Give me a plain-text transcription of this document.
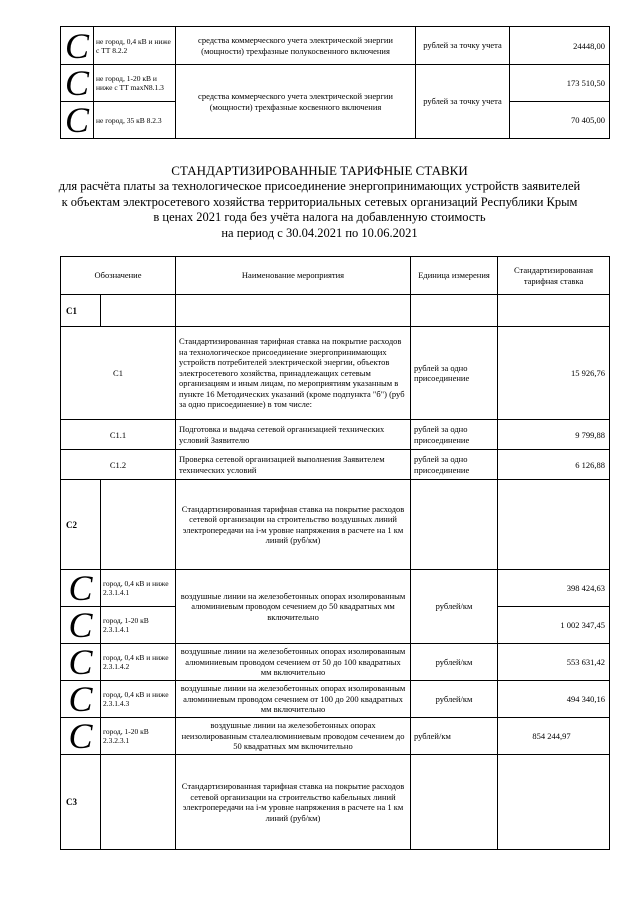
C	не город, 0,4 кВ и ниже с ТТ 8.2.2	средства коммерческого учета электрической энергии (мощности) трехфазные полукосвенного включения	рублей за точку учета	24448,00
C	не город, 1-20 кВ и ниже с ТТ maxN8.1.3	средства коммерческого учета электрической энергии (мощности) трехфазные косвенного включения	рублей за точку учета	173 510,50
C	не город, 35 кВ 8.2.3			70 405,00
СТАНДАРТИЗИРОВАННЫЕ ТАРИФНЫЕ СТАВКИ
для расчёта платы за технологическое присоединение энергопринимающих устройств заявителей
к объектам электросетевого хозяйства территориальных сетевых организаций Республики Крым
в ценах 2021 года без учёта налога на добавленную стоимость
на период с 30.04.2021 по 10.06.2021
Обозначение		Наименование мероприятия	Единица измерения	Стандартизированная тарифная ставка
C1				
C1		Стандартизированная тарифная ставка на покрытие расходов на технологическое присоединение энергопринимающих устройств потребителей электрической энергии, объектов электросетевого хозяйства, принадлежащих сетевым организациям и иным лицам, по мероприятиям указанным в пункте 16 Методических указаний (кроме подпункта "б") (руб за одно присоединение) в том числе:	рублей за одно присоединение	15 926,76
C1.1		Подготовка и выдача сетевой организацией технических условий Заявителю	рублей за одно присоединение	9 799,88
C1.2		Проверка сетевой организацией выполнения Заявителем технических условий	рублей за одно присоединение	6 126,88
C2		Стандартизированная тарифная ставка на покрытие расходов сетевой организации на строительство воздушных линий электропередачи на i-м уровне напряжения в расчете на 1 км линий (руб/км)		
C	город, 0,4 кВ и ниже 2.3.1.4.1	воздушные линии на железобетонных опорах изолированным алюминиевым проводом сечением до 50 квадратных мм включительно	рублей/км	398 424,63
C	город, 1-20 кВ 2.3.1.4.1			1 002 347,45
C	город, 0,4 кВ и ниже 2.3.1.4.2	воздушные линии на железобетонных опорах изолированным алюминиевым проводом сечением от 50 до 100 квадратных мм включительно	рублей/км	553 631,42
C	город, 0,4 кВ и ниже 2.3.1.4.3	воздушные линии на железобетонных опорах изолированным алюминиевым проводом сечением от 100 до 200 квадратных мм включительно	рублей/км	494 340,16
C	город, 1-20 кВ 2.3.2.3.1	воздушные линии на железобетонных опорах неизолированным сталеалюминиевым проводом сечением до 50 квадратных мм включительно	рублей/км	854 244,97
C3		Стандартизированная тарифная ставка на покрытие расходов сетевой организации на строительство кабельных линий электропередачи на i-м уровне напряжения в расчете на 1 км линий (руб/км)		
